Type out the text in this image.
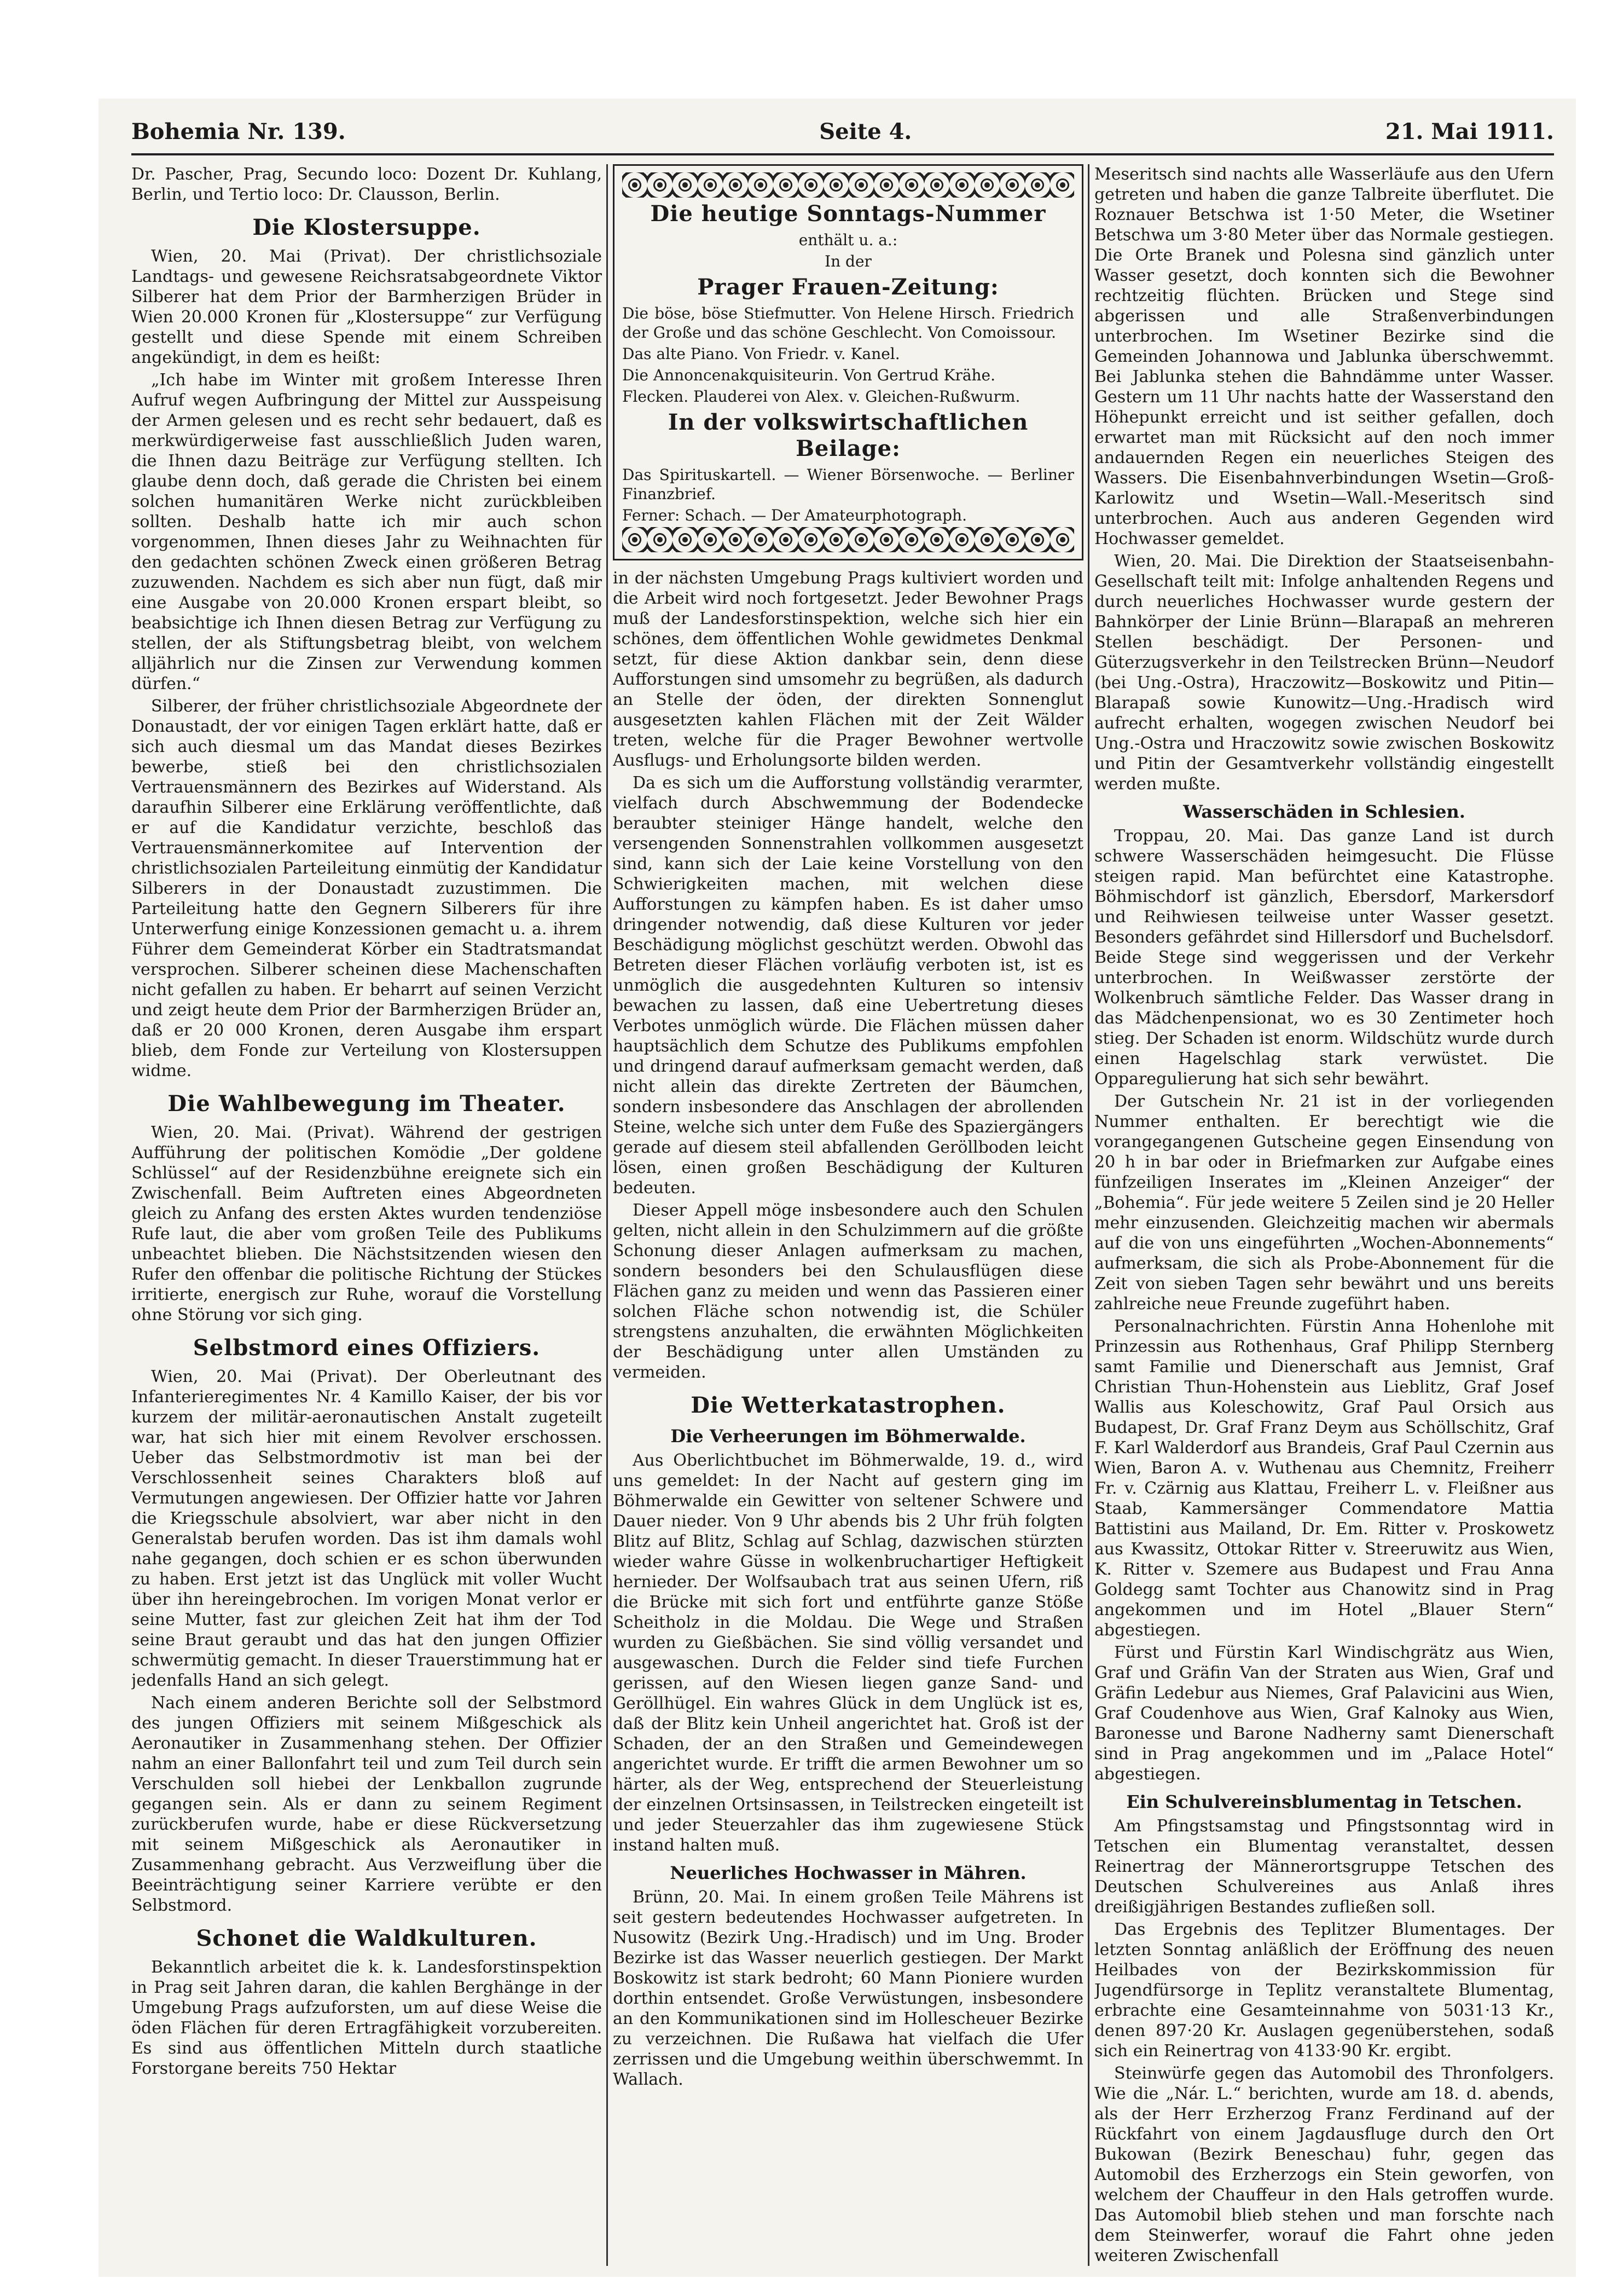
Bohemia Nr. 139.	Seite 4.	21. Mai 1911.

Dr. Pascher, Prag, Secundo loco: Dozent Dr. Kuhlang, Berlin, und Tertio loco: Dr. Clausson, Berlin.

Die Klostersuppe.

Wien, 20. Mai (Privat). Der christlichsoziale Landtags- und gewesene Reichsratsabgeordnete Viktor Silberer hat dem Prior der Barmherzigen Brüder in Wien 20.000 Kronen für „Klostersuppe“ zur Verfügung gestellt und diese Spende mit einem Schreiben angekündigt, in dem es heißt:

„Ich habe im Winter mit großem Interesse Ihren Aufruf wegen Aufbringung der Mittel zur Ausspeisung der Armen gelesen und es recht sehr bedauert, daß es merkwürdigerweise fast ausschließlich Juden waren, die Ihnen dazu Beiträge zur Verfügung stellten. Ich glaube denn doch, daß gerade die Christen bei einem solchen humanitären Werke nicht zurückbleiben sollten. Deshalb hatte ich mir auch schon vorgenommen, Ihnen dieses Jahr zu Weihnachten für den gedachten schönen Zweck einen größeren Betrag zuzuwenden. Nachdem es sich aber nun fügt, daß mir eine Ausgabe von 20.000 Kronen erspart bleibt, so beabsichtige ich Ihnen diesen Betrag zur Verfügung zu stellen, der als Stiftungsbetrag bleibt, von welchem alljährlich nur die Zinsen zur Verwendung kommen dürfen.“

Silberer, der früher christlichsoziale Abgeordnete der Donaustadt, der vor einigen Tagen erklärt hatte, daß er sich auch diesmal um das Mandat dieses Bezirkes bewerbe, stieß bei den christlichsozialen Vertrauensmännern des Bezirkes auf Widerstand. Als daraufhin Silberer eine Erklärung veröffentlichte, daß er auf die Kandidatur verzichte, beschloß das Vertrauensmännerkomitee auf Intervention der christlichsozialen Parteileitung einmütig der Kandidatur Silberers in der Donaustadt zuzustimmen. Die Parteileitung hatte den Gegnern Silberers für ihre Unterwerfung einige Konzessionen gemacht u. a. ihrem Führer dem Gemeinderat Körber ein Stadtratsmandat versprochen. Silberer scheinen diese Machenschaften nicht gefallen zu haben. Er beharrt auf seinen Verzicht und zeigt heute dem Prior der Barmherzigen Brüder an, daß er 20 000 Kronen, deren Ausgabe ihm erspart blieb, dem Fonde zur Verteilung von Klostersuppen widme.

Die Wahlbewegung im Theater.

Wien, 20. Mai. (Privat). Während der gestrigen Aufführung der politischen Komödie „Der goldene Schlüssel“ auf der Residenzbühne ereignete sich ein Zwischenfall. Beim Auftreten eines Abgeordneten gleich zu Anfang des ersten Aktes wurden tendenziöse Rufe laut, die aber vom großen Teile des Publikums unbeachtet blieben. Die Nächstsitzenden wiesen den Rufer den offenbar die politische Richtung der Stückes irritierte, energisch zur Ruhe, worauf die Vorstellung ohne Störung vor sich ging.

Selbstmord eines Offiziers.

Wien, 20. Mai (Privat). Der Oberleutnant des Infanterieregimentes Nr. 4 Kamillo Kaiser, der bis vor kurzem der militär-aeronautischen Anstalt zugeteilt war, hat sich hier mit einem Revolver erschossen. Ueber das Selbstmordmotiv ist man bei der Verschlossenheit seines Charakters bloß auf Vermutungen angewiesen. Der Offizier hatte vor Jahren die Kriegsschule absolviert, war aber nicht in den Generalstab berufen worden. Das ist ihm damals wohl nahe gegangen, doch schien er es schon überwunden zu haben. Erst jetzt ist das Unglück mit voller Wucht über ihn hereingebrochen. Im vorigen Monat verlor er seine Mutter, fast zur gleichen Zeit hat ihm der Tod seine Braut geraubt und das hat den jungen Offizier schwermütig gemacht. In dieser Trauerstimmung hat er jedenfalls Hand an sich gelegt.

Nach einem anderen Berichte soll der Selbstmord des jungen Offiziers mit seinem Mißgeschick als Aeronautiker in Zusammenhang stehen. Der Offizier nahm an einer Ballonfahrt teil und zum Teil durch sein Verschulden soll hiebei der Lenkballon zugrunde gegangen sein. Als er dann zu seinem Regiment zurückberufen wurde, habe er diese Rückversetzung mit seinem Mißgeschick als Aeronautiker in Zusammenhang gebracht. Aus Verzweiflung über die Beeinträchtigung seiner Karriere verübte er den Selbstmord.

Schonet die Waldkulturen.

Bekanntlich arbeitet die k. k. Landesforstinspektion in Prag seit Jahren daran, die kahlen Berghänge in der Umgebung Prags aufzuforsten, um auf diese Weise die öden Flächen für deren Ertragfähigkeit vorzubereiten. Es sind aus öffentlichen Mitteln durch staatliche Forstorgane bereits 750 Hektar

Die heutige Sonntags-Nummer

enthält u. a.:

In der

Prager Frauen-Zeitung:

Die böse, böse Stiefmutter. Von Helene Hirsch. Friedrich der Große und das schöne Geschlecht. Von Comoissour.

Das alte Piano. Von Friedr. v. Kanel.

Die Annoncenakquisiteurin. Von Gertrud Krähe.

Flecken. Plauderei von Alex. v. Gleichen-Rußwurm.

In der volkswirtschaftlichen Beilage:

Das Spirituskartell. — Wiener Börsenwoche. — Berliner Finanzbrief.

Ferner: Schach. — Der Amateurphotograph.

in der nächsten Umgebung Prags kultiviert worden und die Arbeit wird noch fortgesetzt. Jeder Bewohner Prags muß der Landesforstinspektion, welche sich hier ein schönes, dem öffentlichen Wohle gewidmetes Denkmal setzt, für diese Aktion dankbar sein, denn diese Aufforstungen sind umsomehr zu begrüßen, als dadurch an Stelle der öden, der direkten Sonnenglut ausgesetzten kahlen Flächen mit der Zeit Wälder treten, welche für die Prager Bewohner wertvolle Ausflugs- und Erholungsorte bilden werden.

Da es sich um die Aufforstung vollständig verarmter, vielfach durch Abschwemmung der Bodendecke beraubter steiniger Hänge handelt, welche den versengenden Sonnenstrahlen vollkommen ausgesetzt sind, kann sich der Laie keine Vorstellung von den Schwierigkeiten machen, mit welchen diese Aufforstungen zu kämpfen haben. Es ist daher umso dringender notwendig, daß diese Kulturen vor jeder Beschädigung möglichst geschützt werden. Obwohl das Betreten dieser Flächen vorläufig verboten ist, ist es unmöglich die ausgedehnten Kulturen so intensiv bewachen zu lassen, daß eine Uebertretung dieses Verbotes unmöglich würde. Die Flächen müssen daher hauptsächlich dem Schutze des Publikums empfohlen und dringend darauf aufmerksam gemacht werden, daß nicht allein das direkte Zertreten der Bäumchen, sondern insbesondere das Anschlagen der abrollenden Steine, welche sich unter dem Fuße des Spaziergängers gerade auf diesem steil abfallenden Geröllboden leicht lösen, einen großen Beschädigung der Kulturen bedeuten.

Dieser Appell möge insbesondere auch den Schulen gelten, nicht allein in den Schulzimmern auf die größte Schonung dieser Anlagen aufmerksam zu machen, sondern besonders bei den Schulausflügen diese Flächen ganz zu meiden und wenn das Passieren einer solchen Fläche schon notwendig ist, die Schüler strengstens anzuhalten, die erwähnten Möglichkeiten der Beschädigung unter allen Umständen zu vermeiden.

Die Wetterkatastrophen.
Die Verheerungen im Böhmerwalde.

Aus Oberlichtbuchet im Böhmerwalde, 19. d., wird uns gemeldet: In der Nacht auf gestern ging im Böhmerwalde ein Gewitter von seltener Schwere und Dauer nieder. Von 9 Uhr abends bis 2 Uhr früh folgten Blitz auf Blitz, Schlag auf Schlag, dazwischen stürzten wieder wahre Güsse in wolkenbruchartiger Heftigkeit hernieder. Der Wolfsaubach trat aus seinen Ufern, riß die Brücke mit sich fort und entführte ganze Stöße Scheitholz in die Moldau. Die Wege und Straßen wurden zu Gießbächen. Sie sind völlig versandet und ausgewaschen. Durch die Felder sind tiefe Furchen gerissen, auf den Wiesen liegen ganze Sand- und Geröllhügel. Ein wahres Glück in dem Unglück ist es, daß der Blitz kein Unheil angerichtet hat. Groß ist der Schaden, der an den Straßen und Gemeindewegen angerichtet wurde. Er trifft die armen Bewohner um so härter, als der Weg, entsprechend der Steuerleistung der einzelnen Ortsinsassen, in Teilstrecken eingeteilt ist und jeder Steuerzahler das ihm zugewiesene Stück instand halten muß.

Neuerliches Hochwasser in Mähren.

Brünn, 20. Mai. In einem großen Teile Mährens ist seit gestern bedeutendes Hochwasser aufgetreten. In Nusowitz (Bezirk Ung.-Hradisch) und im Ung. Broder Bezirke ist das Wasser neuerlich gestiegen. Der Markt Boskowitz ist stark bedroht; 60 Mann Pioniere wurden dorthin entsendet. Große Verwüstungen, insbesondere an den Kommunikationen sind im Hollescheuer Bezirke zu verzeichnen. Die Rußawa hat vielfach die Ufer zerrissen und die Umgebung weithin überschwemmt. In Wallach.

Meseritsch sind nachts alle Wasserläufe aus den Ufern getreten und haben die ganze Talbreite überflutet. Die Roznauer Betschwa ist 1·50 Meter, die Wsetiner Betschwa um 3·80 Meter über das Normale gestiegen. Die Orte Branek und Polesna sind gänzlich unter Wasser gesetzt, doch konnten sich die Bewohner rechtzeitig flüchten. Brücken und Stege sind abgerissen und alle Straßenverbindungen unterbrochen. Im Wsetiner Bezirke sind die Gemeinden Johannowa und Jablunka überschwemmt. Bei Jablunka stehen die Bahndämme unter Wasser. Gestern um 11 Uhr nachts hatte der Wasserstand den Höhepunkt erreicht und ist seither gefallen, doch erwartet man mit Rücksicht auf den noch immer andauernden Regen ein neuerliches Steigen des Wassers. Die Eisenbahnverbindungen Wsetin—Groß-Karlowitz und Wsetin—Wall.-Meseritsch sind unterbrochen. Auch aus anderen Gegenden wird Hochwasser gemeldet.

Wien, 20. Mai. Die Direktion der Staatseisenbahn-Gesellschaft teilt mit: Infolge anhaltenden Regens und durch neuerliches Hochwasser wurde gestern der Bahnkörper der Linie Brünn—Blarapaß an mehreren Stellen beschädigt. Der Personen- und Güterzugsverkehr in den Teilstrecken Brünn—Neudorf (bei Ung.-Ostra), Hraczowitz—Boskowitz und Pitin—Blarapaß sowie Kunowitz—Ung.-Hradisch wird aufrecht erhalten, wogegen zwischen Neudorf bei Ung.-Ostra und Hraczowitz sowie zwischen Boskowitz und Pitin der Gesamtverkehr vollständig eingestellt werden mußte.

Wasserschäden in Schlesien.

Troppau, 20. Mai. Das ganze Land ist durch schwere Wasserschäden heimgesucht. Die Flüsse steigen rapid. Man befürchtet eine Katastrophe. Böhmischdorf ist gänzlich, Ebersdorf, Markersdorf und Reihwiesen teilweise unter Wasser gesetzt. Besonders gefährdet sind Hillersdorf und Buchelsdorf. Beide Stege sind weggerissen und der Verkehr unterbrochen. In Weißwasser zerstörte der Wolkenbruch sämtliche Felder. Das Wasser drang in das Mädchenpensionat, wo es 30 Zentimeter hoch stieg. Der Schaden ist enorm. Wildschütz wurde durch einen Hagelschlag stark verwüstet. Die Opparegulierung hat sich sehr bewährt.

Der Gutschein Nr. 21 ist in der vorliegenden Nummer enthalten. Er berechtigt wie die vorangegangenen Gutscheine gegen Einsendung von 20 h in bar oder in Briefmarken zur Aufgabe eines fünfzeiligen Inserates im „Kleinen Anzeiger“ der „Bohemia“. Für jede weitere 5 Zeilen sind je 20 Heller mehr einzusenden. Gleichzeitig machen wir abermals auf die von uns eingeführten „Wochen-Abonnements“ aufmerksam, die sich als Probe-Abonnement für die Zeit von sieben Tagen sehr bewährt und uns bereits zahlreiche neue Freunde zugeführt haben.

Personalnachrichten. Fürstin Anna Hohenlohe mit Prinzessin aus Rothenhaus, Graf Philipp Sternberg samt Familie und Dienerschaft aus Jemnist, Graf Christian Thun-Hohenstein aus Lieblitz, Graf Josef Wallis aus Koleschowitz, Graf Paul Orsich aus Budapest, Dr. Graf Franz Deym aus Schöllschitz, Graf F. Karl Walderdorf aus Brandeis, Graf Paul Czernin aus Wien, Baron A. v. Wuthenau aus Chemnitz, Freiherr Fr. v. Czärnig aus Klattau, Freiherr L. v. Fleißner aus Staab, Kammersänger Commendatore Mattia Battistini aus Mailand, Dr. Em. Ritter v. Proskowetz aus Kwassitz, Ottokar Ritter v. Streeruwitz aus Wien, K. Ritter v. Szemere aus Budapest und Frau Anna Goldegg samt Tochter aus Chanowitz sind in Prag angekommen und im Hotel „Blauer Stern“ abgestiegen.

Fürst und Fürstin Karl Windischgrätz aus Wien, Graf und Gräfin Van der Straten aus Wien, Graf und Gräfin Ledebur aus Niemes, Graf Palavicini aus Wien, Graf Coudenhove aus Wien, Graf Kalnoky aus Wien, Baronesse und Barone Nadherny samt Dienerschaft sind in Prag angekommen und im „Palace Hotel“ abgestiegen.

Ein Schulvereinsblumentag in Tetschen.

Am Pfingstsamstag und Pfingstsonntag wird in Tetschen ein Blumentag veranstaltet, dessen Reinertrag der Männerortsgruppe Tetschen des Deutschen Schulvereines aus Anlaß ihres dreißigjährigen Bestandes zufließen soll.

Das Ergebnis des Teplitzer Blumentages. Der letzten Sonntag anläßlich der Eröffnung des neuen Heilbades von der Bezirkskommission für Jugendfürsorge in Teplitz veranstaltete Blumentag, erbrachte eine Gesamteinnahme von 5031·13 Kr., denen 897·20 Kr. Auslagen gegenüberstehen, sodaß sich ein Reinertrag von 4133·90 Kr. ergibt.

Steinwürfe gegen das Automobil des Thronfolgers. Wie die „Nár. L.“ berichten, wurde am 18. d. abends, als der Herr Erzherzog Franz Ferdinand auf der Rückfahrt von einem Jagdausfluge durch den Ort Bukowan (Bezirk Beneschau) fuhr, gegen das Automobil des Erzherzogs ein Stein geworfen, von welchem der Chauffeur in den Hals getroffen wurde. Das Automobil blieb stehen und man forschte nach dem Steinwerfer, worauf die Fahrt ohne jeden weiteren Zwischenfall
